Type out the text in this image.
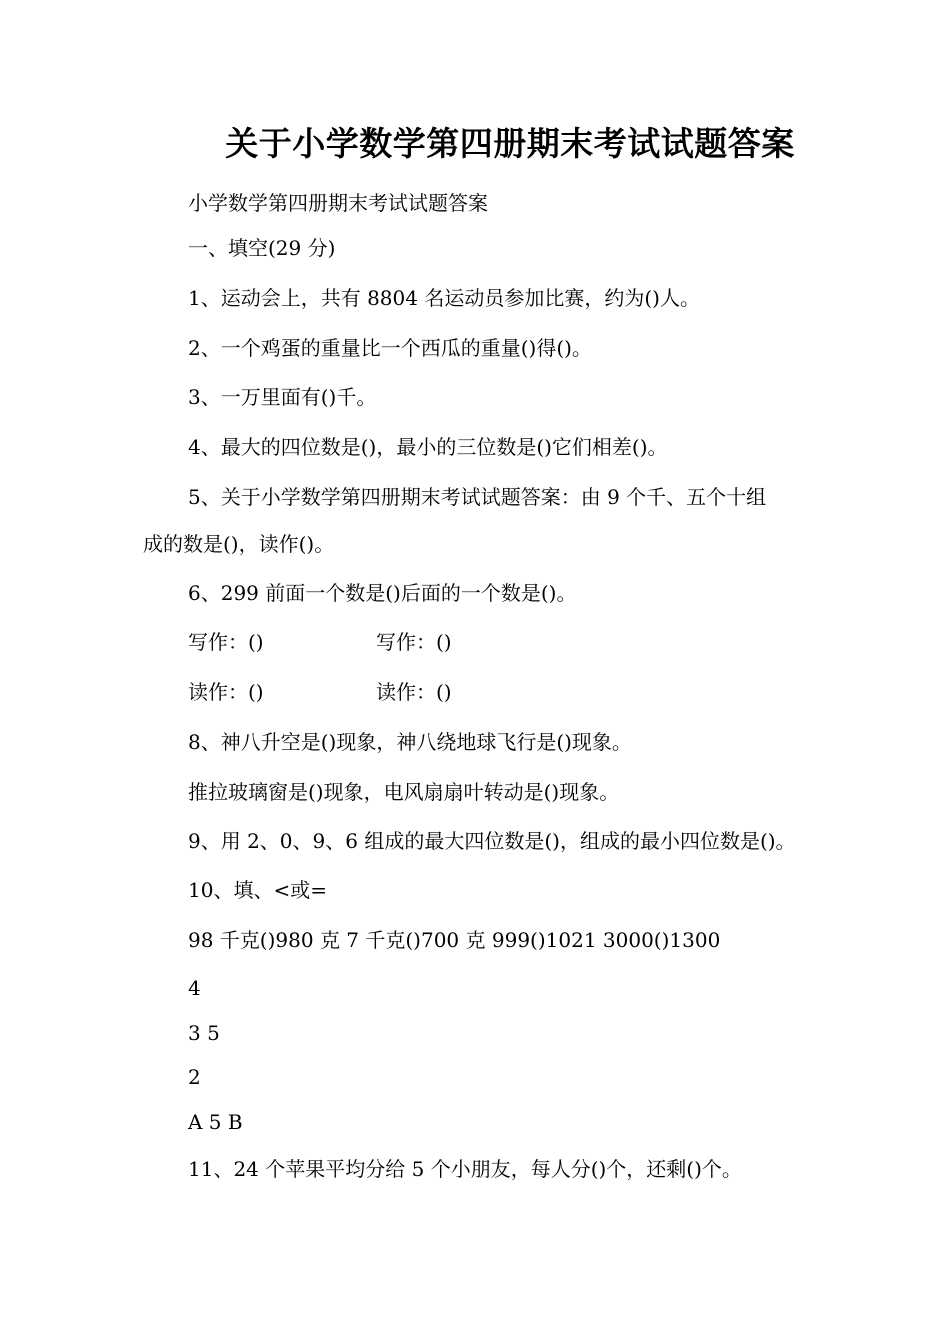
关于小学数学第四册期末考试试题答案
小学数学第四册期末考试试题答案
一、填空(29 分)
1、运动会上，共有 8804 名运动员参加比赛，约为()人。
2、一个鸡蛋的重量比一个西瓜的重量()得()。
3、一万里面有()千。
4、最大的四位数是()，最小的三位数是()它们相差()。
5、关于小学数学第四册期末考试试题答案：由 9 个千、五个十组
成的数是()，读作()。
6、299 前面一个数是()后面的一个数是()。
写作：()	写作：()
读作：()	读作：()
8、神八升空是()现象，神八绕地球飞行是()现象。
推拉玻璃窗是()现象，电风扇扇叶转动是()现象。
9、用 2、0、9、6 组成的最大四位数是()，组成的最小四位数是()。
10、填、<或=
98 千克()980 克 7 千克()700 克 999()1021 3000()1300
4
3 5
2
A 5 B
11、24 个苹果平均分给 5 个小朋友，每人分()个，还剩()个。
